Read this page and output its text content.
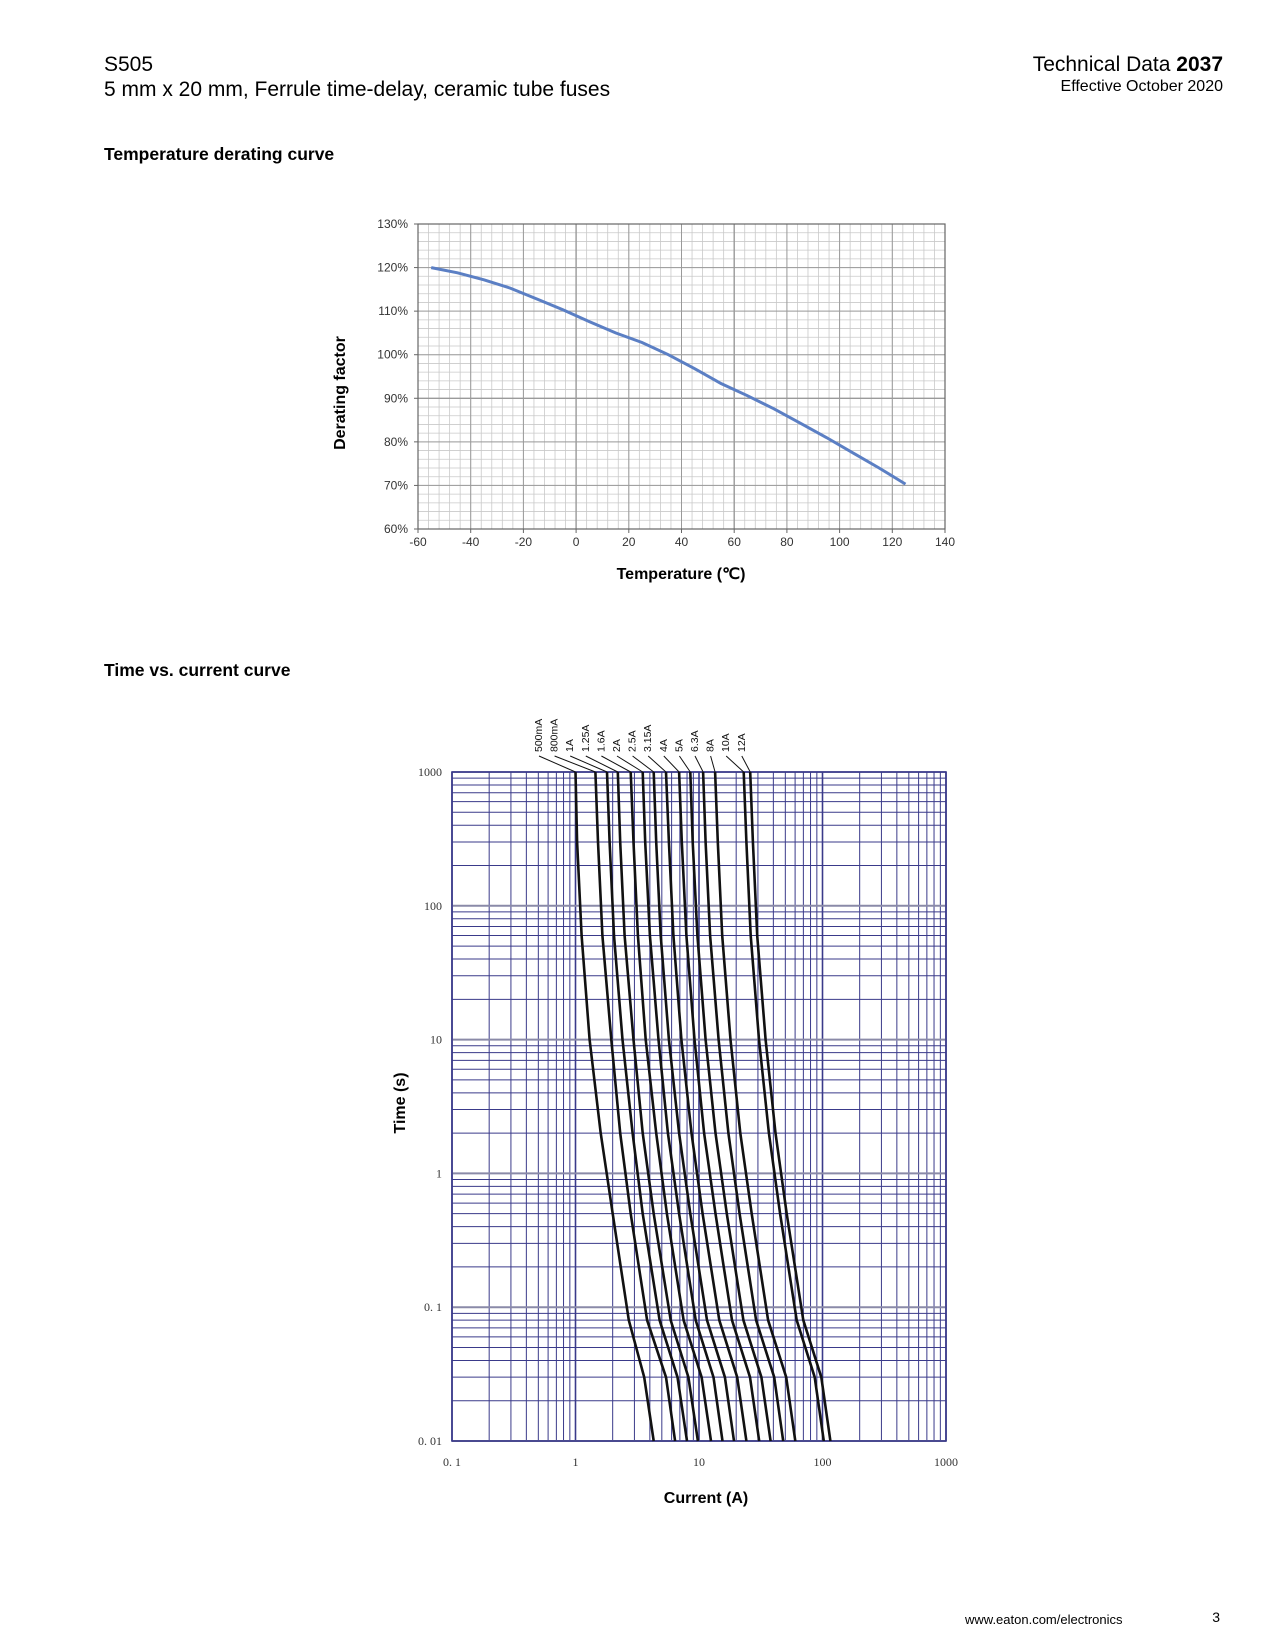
S505
5 mm x 20 mm, Ferrule time-delay, ceramic tube fuses
Technical Data 2037
Effective October 2020
Temperature derating curve
Time vs. current curve
-60	-40	-20	0	20	40	60	80	100	120	140
60%
70%
80%
90%
100%
110%
120%
130%
Temperature (℃)
Derating factor
0. 1	1	10	100	1000
0. 01
0. 1
1
10
100
1000
500mA 800mA 1A 1.25A 1.6A 2A 2.5A 3.15A 4A 5A 6.3A 8A 10A 12A
Current (A)
Time (s)
www.eaton.com/electronics	3
